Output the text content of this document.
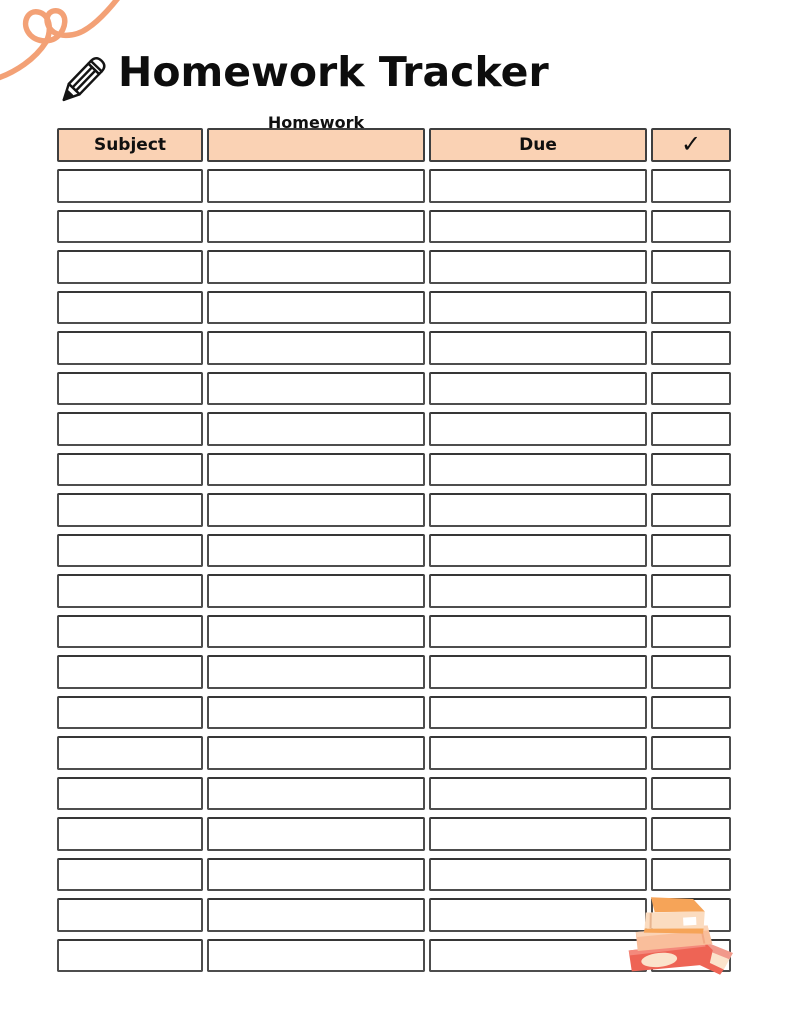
Homework Tracker
Homework
Subject	Due	✓
